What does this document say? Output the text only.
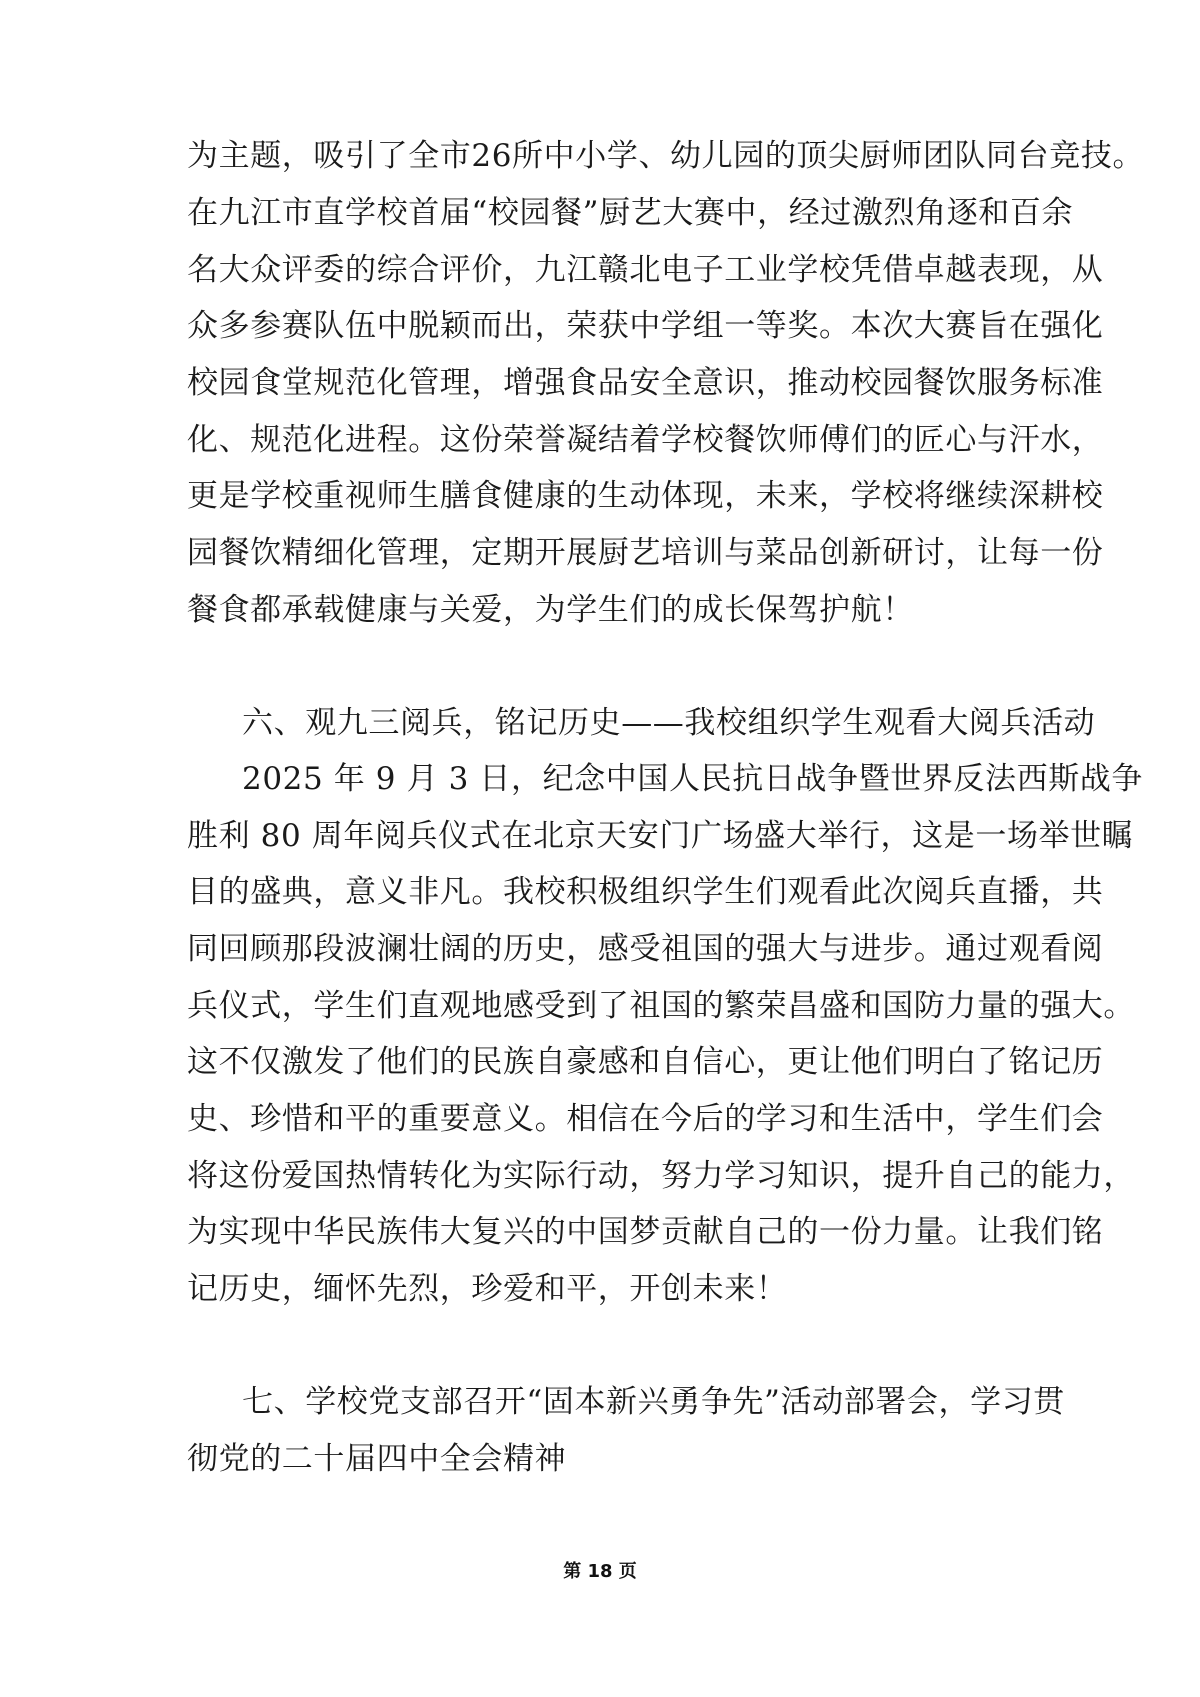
为主题，吸引了全市26所中小学、幼儿园的顶尖厨师团队同台竞技。
在九江市直学校首届“校园餐”厨艺大赛中，经过激烈角逐和百余
名大众评委的综合评价，九江赣北电子工业学校凭借卓越表现，从
众多参赛队伍中脱颖而出，荣获中学组一等奖。本次大赛旨在强化
校园食堂规范化管理，增强食品安全意识，推动校园餐饮服务标准
化、规范化进程。这份荣誉凝结着学校餐饮师傅们的匠心与汗水，
更是学校重视师生膳食健康的生动体现，未来，学校将继续深耕校
园餐饮精细化管理，定期开展厨艺培训与菜品创新研讨，让每一份
餐食都承载健康与关爱，为学生们的成长保驾护航！
六、观九三阅兵，铭记历史——我校组织学生观看大阅兵活动
2025 年 9 月 3 日，纪念中国人民抗日战争暨世界反法西斯战争
胜利 80 周年阅兵仪式在北京天安门广场盛大举行，这是一场举世瞩
目的盛典，意义非凡。我校积极组织学生们观看此次阅兵直播，共
同回顾那段波澜壮阔的历史，感受祖国的强大与进步。通过观看阅
兵仪式，学生们直观地感受到了祖国的繁荣昌盛和国防力量的强大。
这不仅激发了他们的民族自豪感和自信心，更让他们明白了铭记历
史、珍惜和平的重要意义。相信在今后的学习和生活中，学生们会
将这份爱国热情转化为实际行动，努力学习知识，提升自己的能力，
为实现中华民族伟大复兴的中国梦贡献自己的一份力量。让我们铭
记历史，缅怀先烈，珍爱和平，开创未来！
七、学校党支部召开“固本新兴勇争先”活动部署会，学习贯
彻党的二十届四中全会精神
第 18 页
